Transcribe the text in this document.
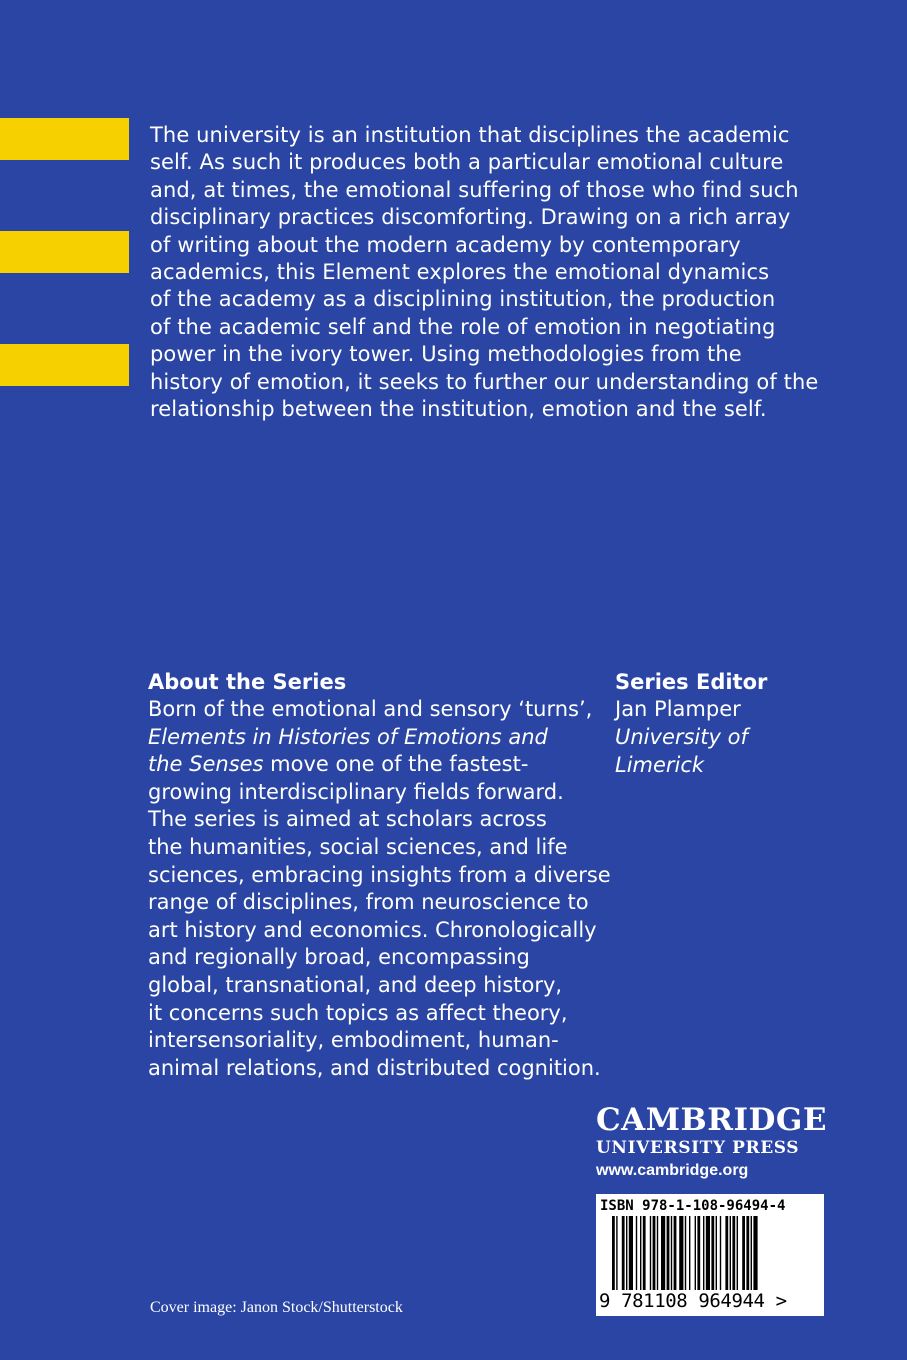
The university is an institution that disciplines the academic
self. As such it produces both a particular emotional culture
and, at times, the emotional suffering of those who find such
disciplinary practices discomforting. Drawing on a rich array
of writing about the modern academy by contemporary
academics, this Element explores the emotional dynamics
of the academy as a disciplining institution, the production
of the academic self and the role of emotion in negotiating
power in the ivory tower. Using methodologies from the
history of emotion, it seeks to further our understanding of the
relationship between the institution, emotion and the self.

About the Series

Born of the emotional and sensory ‘turns’,
Elements in Histories of Emotions and
the Senses move one of the fastest-
growing interdisciplinary fields forward.
The series is aimed at scholars across
the humanities, social sciences, and life
sciences, embracing insights from a diverse
range of disciplines, from neuroscience to
art history and economics. Chronologically
and regionally broad, encompassing
global, transnational, and deep history,
it concerns such topics as affect theory,
intersensoriality, embodiment, human-
animal relations, and distributed cognition.

Series Editor

Jan Plamper

University of
Limerick

CAMBRIDGE
UNIVERSITY PRESS
www.cambridge.org
ISBN 978-1-108-96494-4
9 781108 964944 >

Cover image: Janon Stock/Shutterstock
